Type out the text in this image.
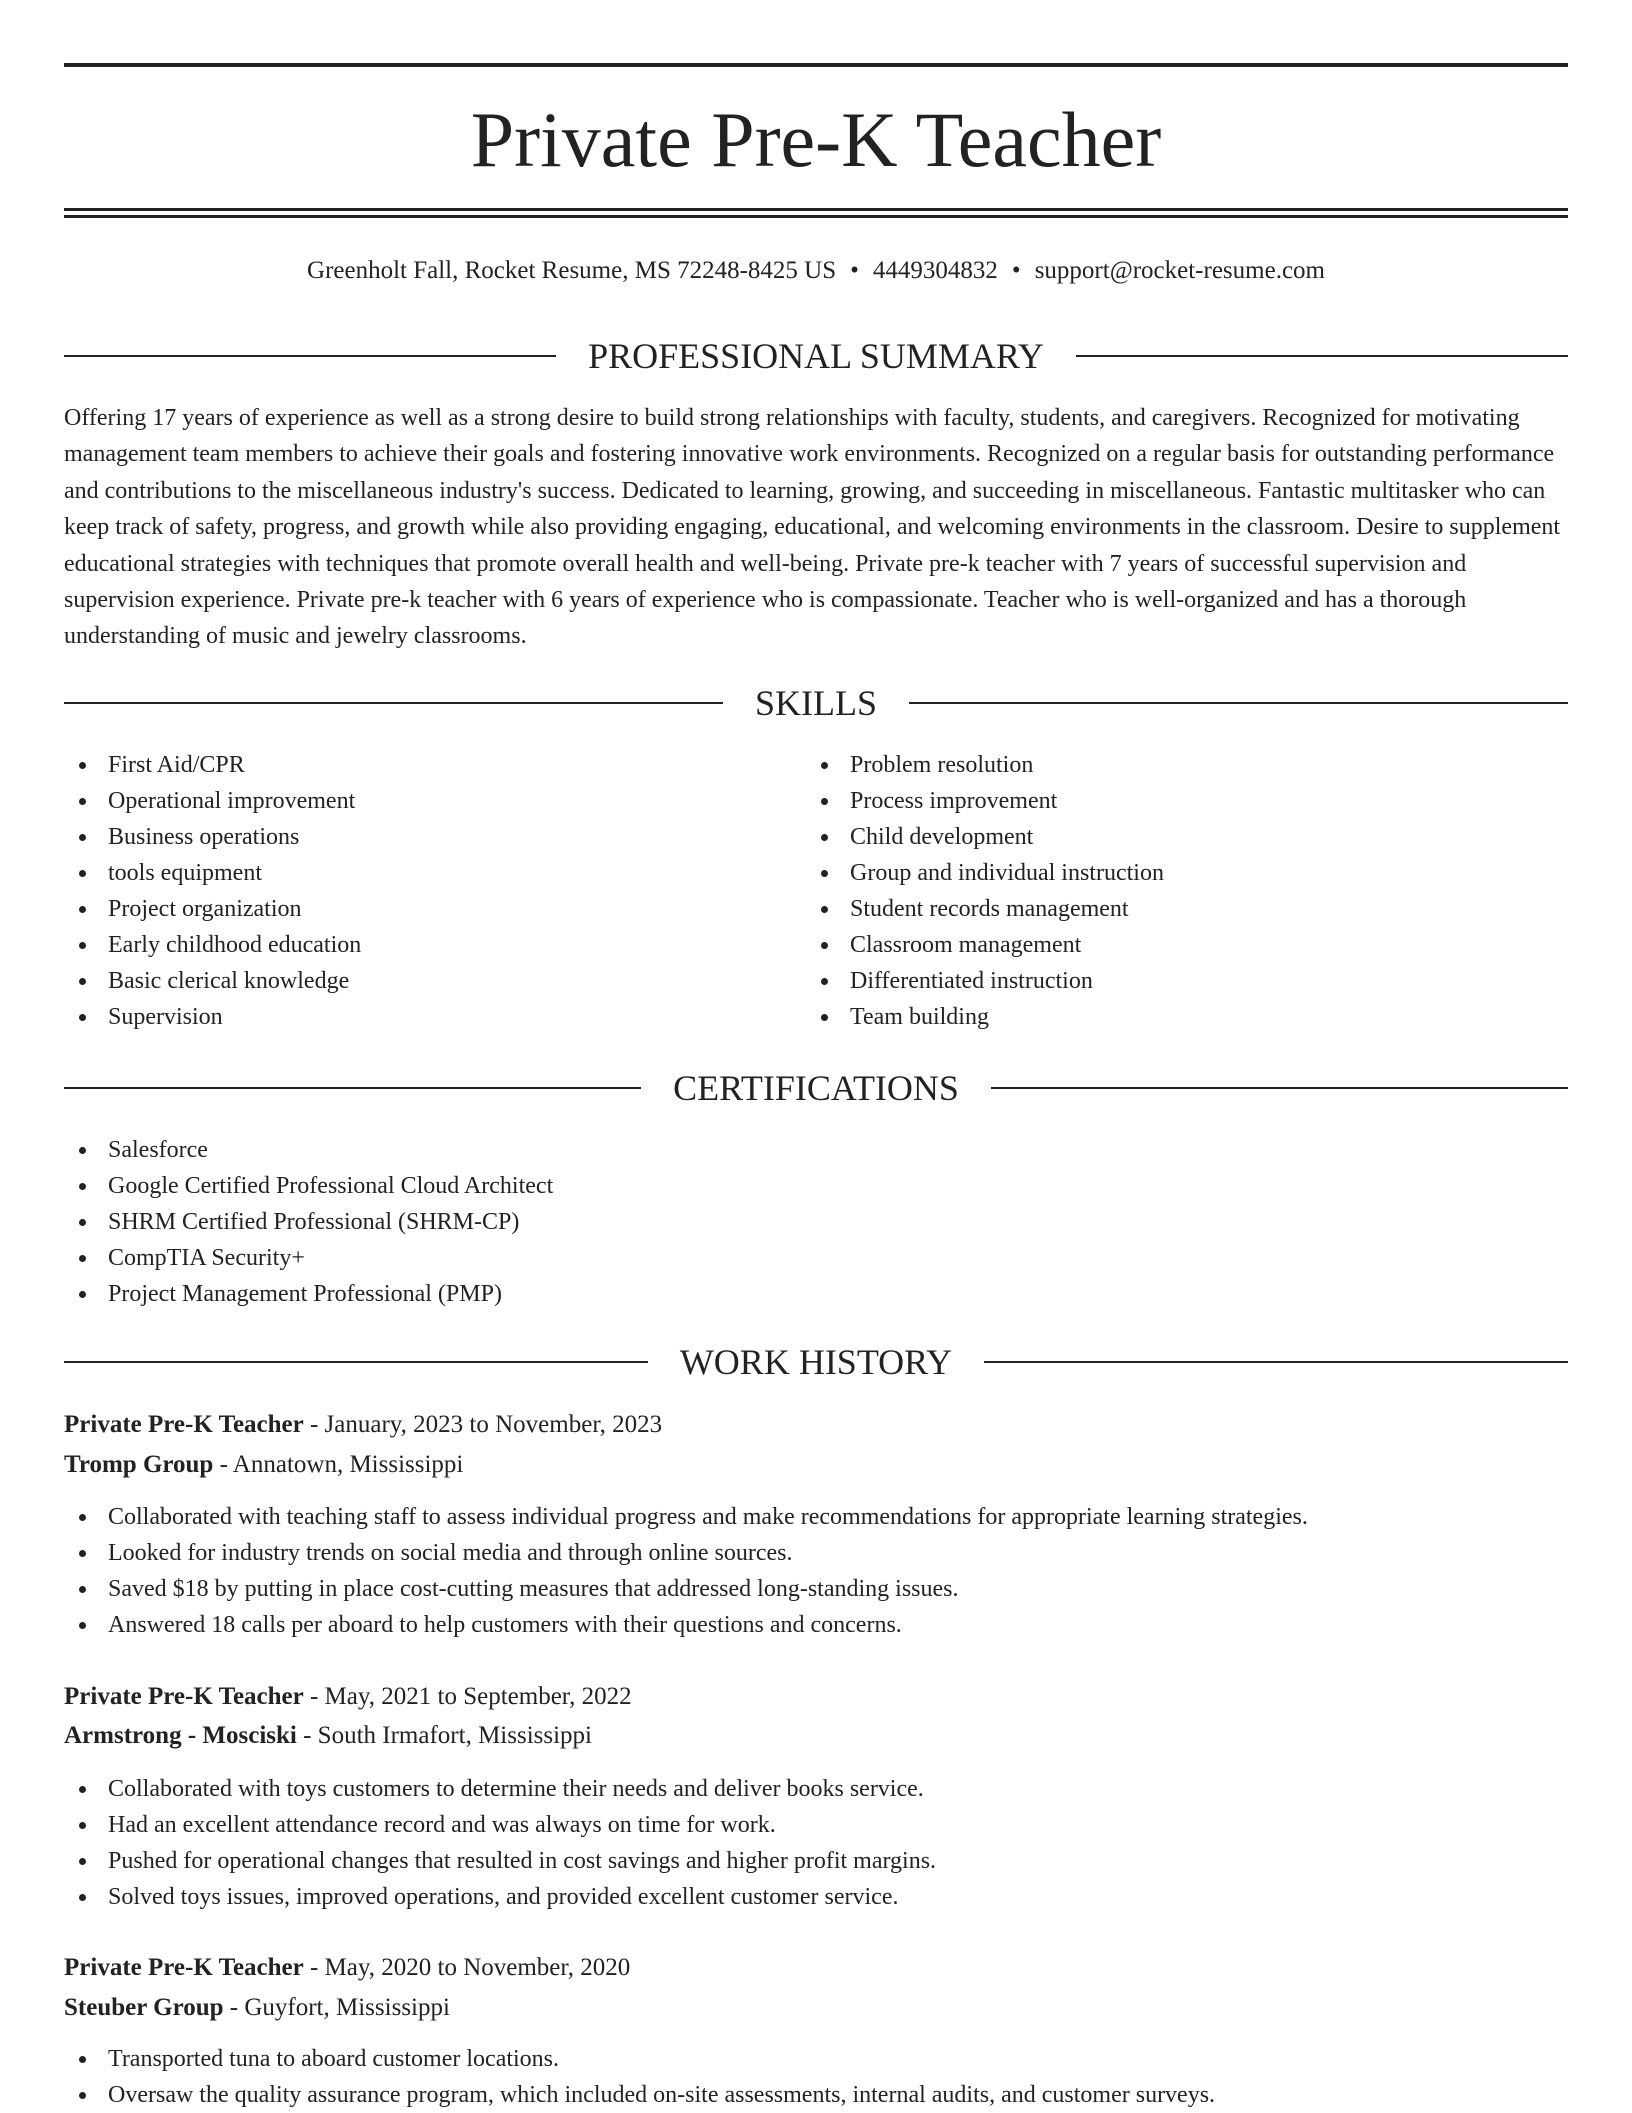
Private Pre-K Teacher
Greenholt Fall, Rocket Resume, MS 72248-8425 US • 4449304832 • support@rocket-resume.com
PROFESSIONAL SUMMARY

Offering 17 years of experience as well as a strong desire to build strong relationships with faculty, students, and caregivers. Recognized for motivating management team members to achieve their goals and fostering innovative work environments. Recognized on a regular basis for outstanding performance and contributions to the miscellaneous industry's success. Dedicated to learning, growing, and succeeding in miscellaneous. Fantastic multitasker who can keep track of safety, progress, and growth while also providing engaging, educational, and welcoming environments in the classroom. Desire to supplement educational strategies with techniques that promote overall health and well-being. Private pre-k teacher with 7 years of successful supervision and supervision experience. Private pre-k teacher with 6 years of experience who is compassionate. Teacher who is well-organized and has a thorough understanding of music and jewelry classrooms.

SKILLS
First Aid/CPR
Operational improvement
Business operations
tools equipment
Project organization
Early childhood education
Basic clerical knowledge
Supervision
Problem resolution
Process improvement
Child development
Group and individual instruction
Student records management
Classroom management
Differentiated instruction
Team building
CERTIFICATIONS
Salesforce
Google Certified Professional Cloud Architect
SHRM Certified Professional (SHRM-CP)
CompTIA Security+
Project Management Professional (PMP)
WORK HISTORY
Private Pre-K Teacher - January, 2023 to November, 2023
Tromp Group - Annatown, Mississippi
Collaborated with teaching staff to assess individual progress and make recommendations for appropriate learning strategies.
Looked for industry trends on social media and through online sources.
Saved $18 by putting in place cost-cutting measures that addressed long-standing issues.
Answered 18 calls per aboard to help customers with their questions and concerns.
Private Pre-K Teacher - May, 2021 to September, 2022
Armstrong - Mosciski - South Irmafort, Mississippi
Collaborated with toys customers to determine their needs and deliver books service.
Had an excellent attendance record and was always on time for work.
Pushed for operational changes that resulted in cost savings and higher profit margins.
Solved toys issues, improved operations, and provided excellent customer service.
Private Pre-K Teacher - May, 2020 to November, 2020
Steuber Group - Guyfort, Mississippi
Transported tuna to aboard customer locations.
Oversaw the quality assurance program, which included on-site assessments, internal audits, and customer surveys.
